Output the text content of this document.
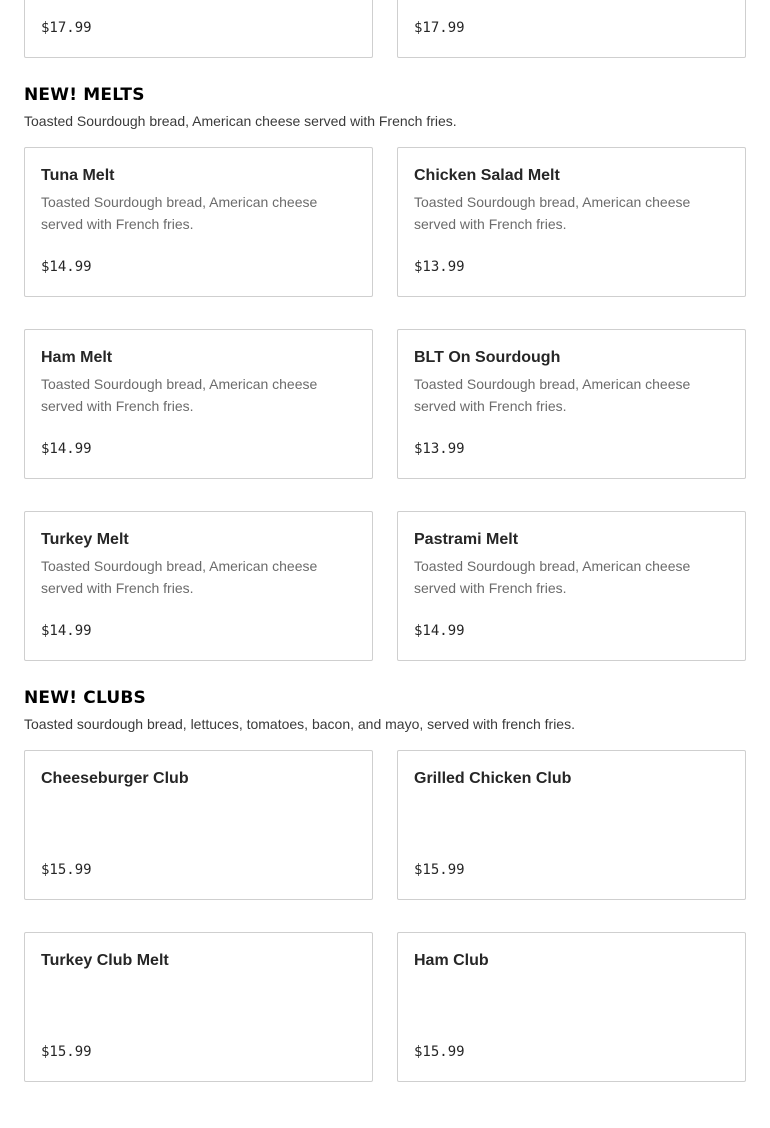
$17.99	$17.99
NEW! MELTS

Toasted Sourdough bread, American cheese served with French fries.

Tuna Melt
Toasted Sourdough bread, American cheese served with French fries.
$14.99
Chicken Salad Melt
Toasted Sourdough bread, American cheese served with French fries.
$13.99
Ham Melt
Toasted Sourdough bread, American cheese served with French fries.
$14.99
BLT On Sourdough
Toasted Sourdough bread, American cheese served with French fries.
$13.99
Turkey Melt
Toasted Sourdough bread, American cheese served with French fries.
$14.99
Pastrami Melt
Toasted Sourdough bread, American cheese served with French fries.
$14.99
NEW! CLUBS

Toasted sourdough bread, lettuces, tomatoes, bacon, and mayo, served with french fries.

Cheeseburger Club
$15.99
Grilled Chicken Club
$15.99
Turkey Club Melt
$15.99
Ham Club
$15.99
